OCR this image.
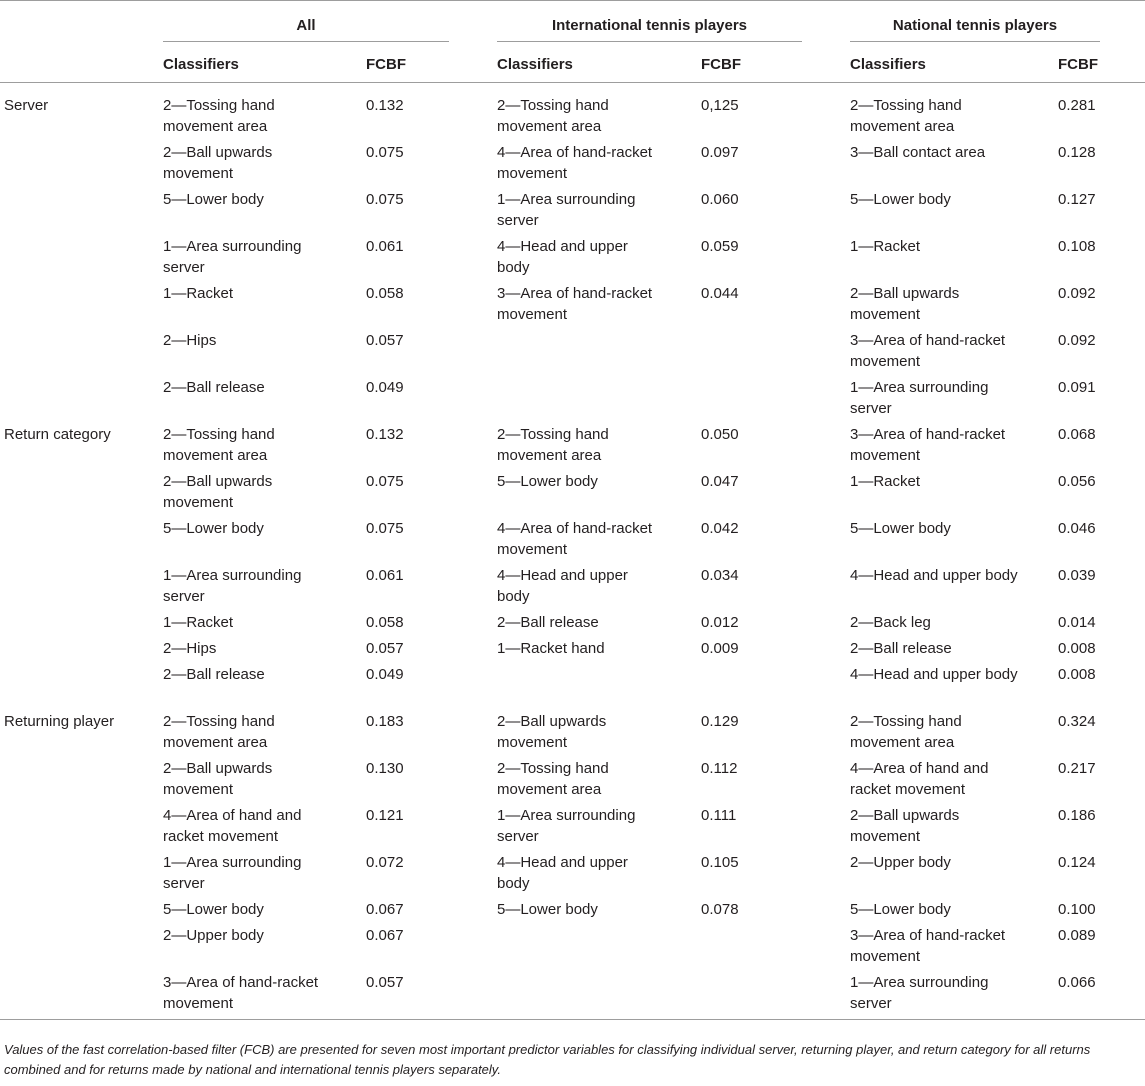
	All		International tennis players		National tennis players	

	Classifiers	FCBF	Classifiers	FCBF	Classifiers	FCBF
Server	2—Tossing hand movement area	0.132	2—Tossing hand movement area	0,125	2—Tossing hand movement area	0.281
	2—Ball upwards movement	0.075	4—Area of hand-racket movement	0.097	3—Ball contact area	0.128
	5—Lower body	0.075	1—Area surrounding server	0.060	5—Lower body	0.127
	1—Area surrounding server	0.061	4—Head and upper body	0.059	1—Racket	0.108
	1—Racket	0.058	3—Area of hand-racket movement	0.044	2—Ball upwards movement	0.092
	2—Hips	0.057			3—Area of hand-racket movement	0.092
	2—Ball release	0.049			1—Area surrounding server	0.091
Return category	2—Tossing hand movement area	0.132	2—Tossing hand movement area	0.050	3—Area of hand-racket movement	0.068
	2—Ball upwards movement	0.075	5—Lower body	0.047	1—Racket	0.056
	5—Lower body	0.075	4—Area of hand-racket movement	0.042	5—Lower body	0.046
	1—Area surrounding server	0.061	4—Head and upper body	0.034	4—Head and upper body	0.039
	1—Racket	0.058	2—Ball release	0.012	2—Back leg	0.014
	2—Hips	0.057	1—Racket hand	0.009	2—Ball release	0.008
	2—Ball release	0.049			4—Head and upper body	0.008
Returning player	2—Tossing hand movement area	0.183	2—Ball upwards movement	0.129	2—Tossing hand movement area	0.324
	2—Ball upwards movement	0.130	2—Tossing hand movement area	0.112	4—Area of hand and racket movement	0.217
	4—Area of hand and racket movement	0.121	1—Area surrounding server	0.111	2—Ball upwards movement	0.186
	1—Area surrounding server	0.072	4—Head and upper body	0.105	2—Upper body	0.124
	5—Lower body	0.067	5—Lower body	0.078	5—Lower body	0.100
	2—Upper body	0.067			3—Area of hand-racket movement	0.089
	3—Area of hand-racket movement	0.057			1—Area surrounding server	0.066
Values of the fast correlation-based filter (FCB) are presented for seven most important predictor variables for classifying individual server, returning player, and return category for all returns combined and for returns made by national and international tennis players separately.
